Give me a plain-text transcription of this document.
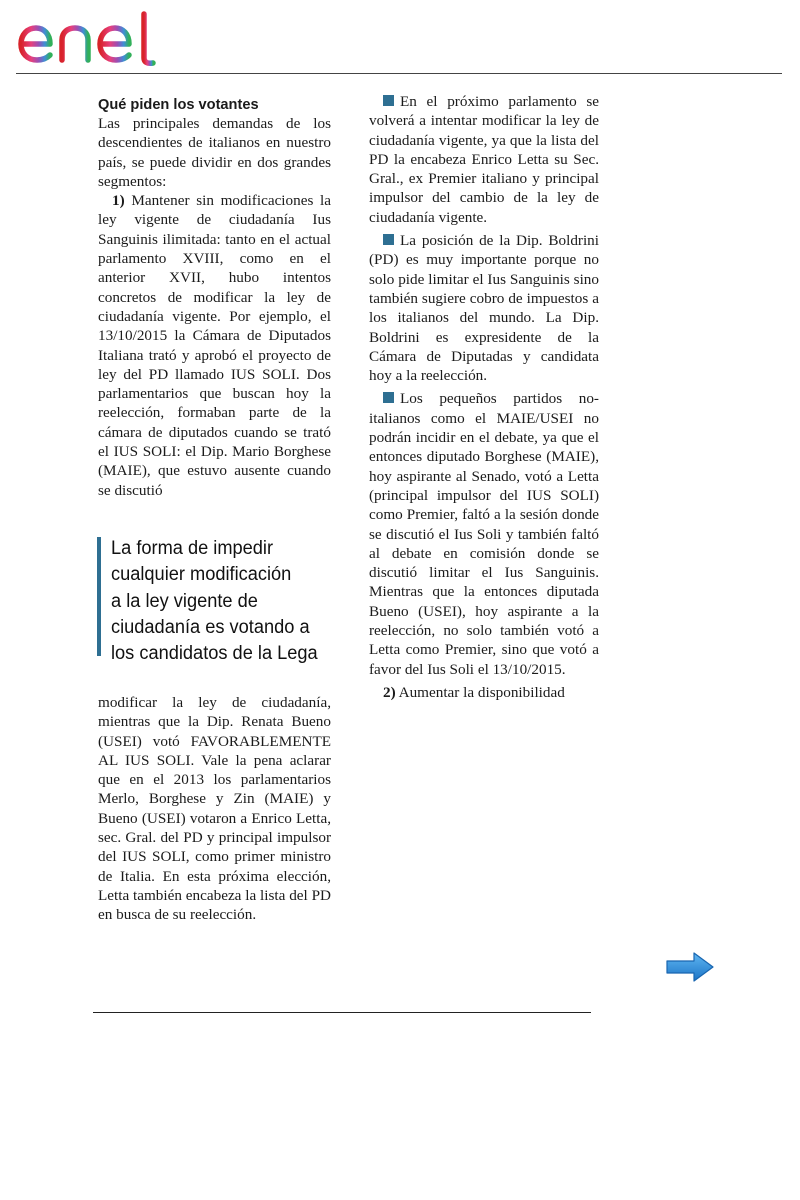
Qué piden los votantes

Las principales demandas de los descendientes de italianos en nuestro país, se puede dividir en dos grandes segmentos:

1) Mantener sin modificaciones la ley vigente de ciudadanía Ius Sanguinis ilimitada: tanto en el actual parlamento XVIII, como en el anterior XVII, hubo intentos concretos de modificar la ley de ciudadanía vigente. Por ejemplo, el 13/10/2015 la Cámara de Diputados Italiana trató y aprobó el proyecto de ley del PD llamado IUS SOLI. Dos parlamentarios que buscan hoy la reelección, formaban parte de la cámara de diputados cuando se trató el IUS SOLI: el Dip. Mario Borghese (MAIE), que estuvo ausente cuando se discutió

La forma de impedir
cualquier modificación
a la ley vigente de
ciudadanía es votando a
los candidatos de la Lega

modificar la ley de ciudadanía, mientras que la Dip. Renata Bueno (USEI) votó FAVORABLEMENTE AL IUS SOLI. Vale la pena aclarar que en el 2013 los parlamentarios Merlo, Borghese y Zin (MAIE) y Bueno (USEI) votaron a Enrico Letta, sec. Gral. del PD y principal impulsor del IUS SOLI, como primer ministro de Italia. En esta próxima elección, Letta también encabeza la lista del PD en busca de su reelección.

En el próximo parlamento se volverá a intentar modificar la ley de ciudadanía vigente, ya que la lista del PD la encabeza Enrico Letta su Sec. Gral., ex Premier italiano y principal impulsor del cambio de la ley de ciudadanía vigente.

La posición de la Dip. Boldrini (PD) es muy importante porque no solo pide limitar el Ius Sanguinis sino también sugiere cobro de impuestos a los italianos del mundo. La Dip. Boldrini es expresidente de la Cámara de Diputadas y candidata hoy a la reelección.

Los pequeños partidos no-italianos como el MAIE/USEI no podrán incidir en el debate, ya que el entonces diputado Borghese (MAIE), hoy aspirante al Senado, votó a Letta (principal impulsor del IUS SOLI) como Premier, faltó a la sesión donde se discutió el Ius Soli y también faltó al debate en comisión donde se discutió limitar el Ius Sanguinis. Mientras que la entonces diputada Bueno (USEI), hoy aspirante a la reelección, no solo también votó a Letta como Premier, sino que votó a favor del Ius Soli el 13/10/2015.

2) Aumentar la disponibilidad
